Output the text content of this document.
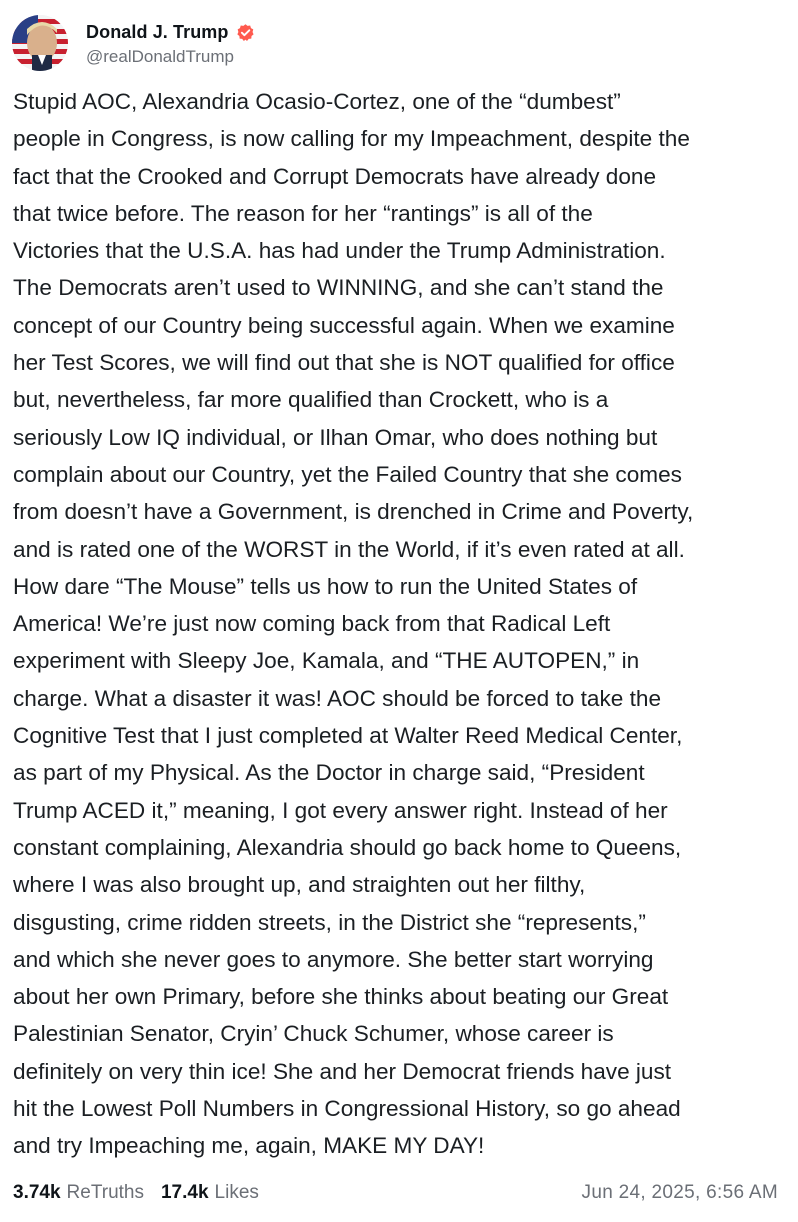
Donald J. Trump
@realDonaldTrump
Stupid AOC, Alexandria Ocasio-Cortez, one of the “dumbest”
people in Congress, is now calling for my Impeachment, despite the
fact that the Crooked and Corrupt Democrats have already done
that twice before. The reason for her “rantings” is all of the
Victories that the U.S.A. has had under the Trump Administration.
The Democrats aren’t used to WINNING, and she can’t stand the
concept of our Country being successful again. When we examine
her Test Scores, we will find out that she is NOT qualified for office
but, nevertheless, far more qualified than Crockett, who is a
seriously Low IQ individual, or Ilhan Omar, who does nothing but
complain about our Country, yet the Failed Country that she comes
from doesn’t have a Government, is drenched in Crime and Poverty,
and is rated one of the WORST in the World, if it’s even rated at all.
How dare “The Mouse” tells us how to run the United States of
America! We’re just now coming back from that Radical Left
experiment with Sleepy Joe, Kamala, and “THE AUTOPEN,” in
charge. What a disaster it was! AOC should be forced to take the
Cognitive Test that I just completed at Walter Reed Medical Center,
as part of my Physical. As the Doctor in charge said, “President
Trump ACED it,” meaning, I got every answer right. Instead of her
constant complaining, Alexandria should go back home to Queens,
where I was also brought up, and straighten out her filthy,
disgusting, crime ridden streets, in the District she “represents,”
and which she never goes to anymore. She better start worrying
about her own Primary, before she thinks about beating our Great
Palestinian Senator, Cryin’ Chuck Schumer, whose career is
definitely on very thin ice! She and her Democrat friends have just
hit the Lowest Poll Numbers in Congressional History, so go ahead
and try Impeaching me, again, MAKE MY DAY!
3.74k ReTruths 17.4k Likes	Jun 24, 2025, 6:56 AM
